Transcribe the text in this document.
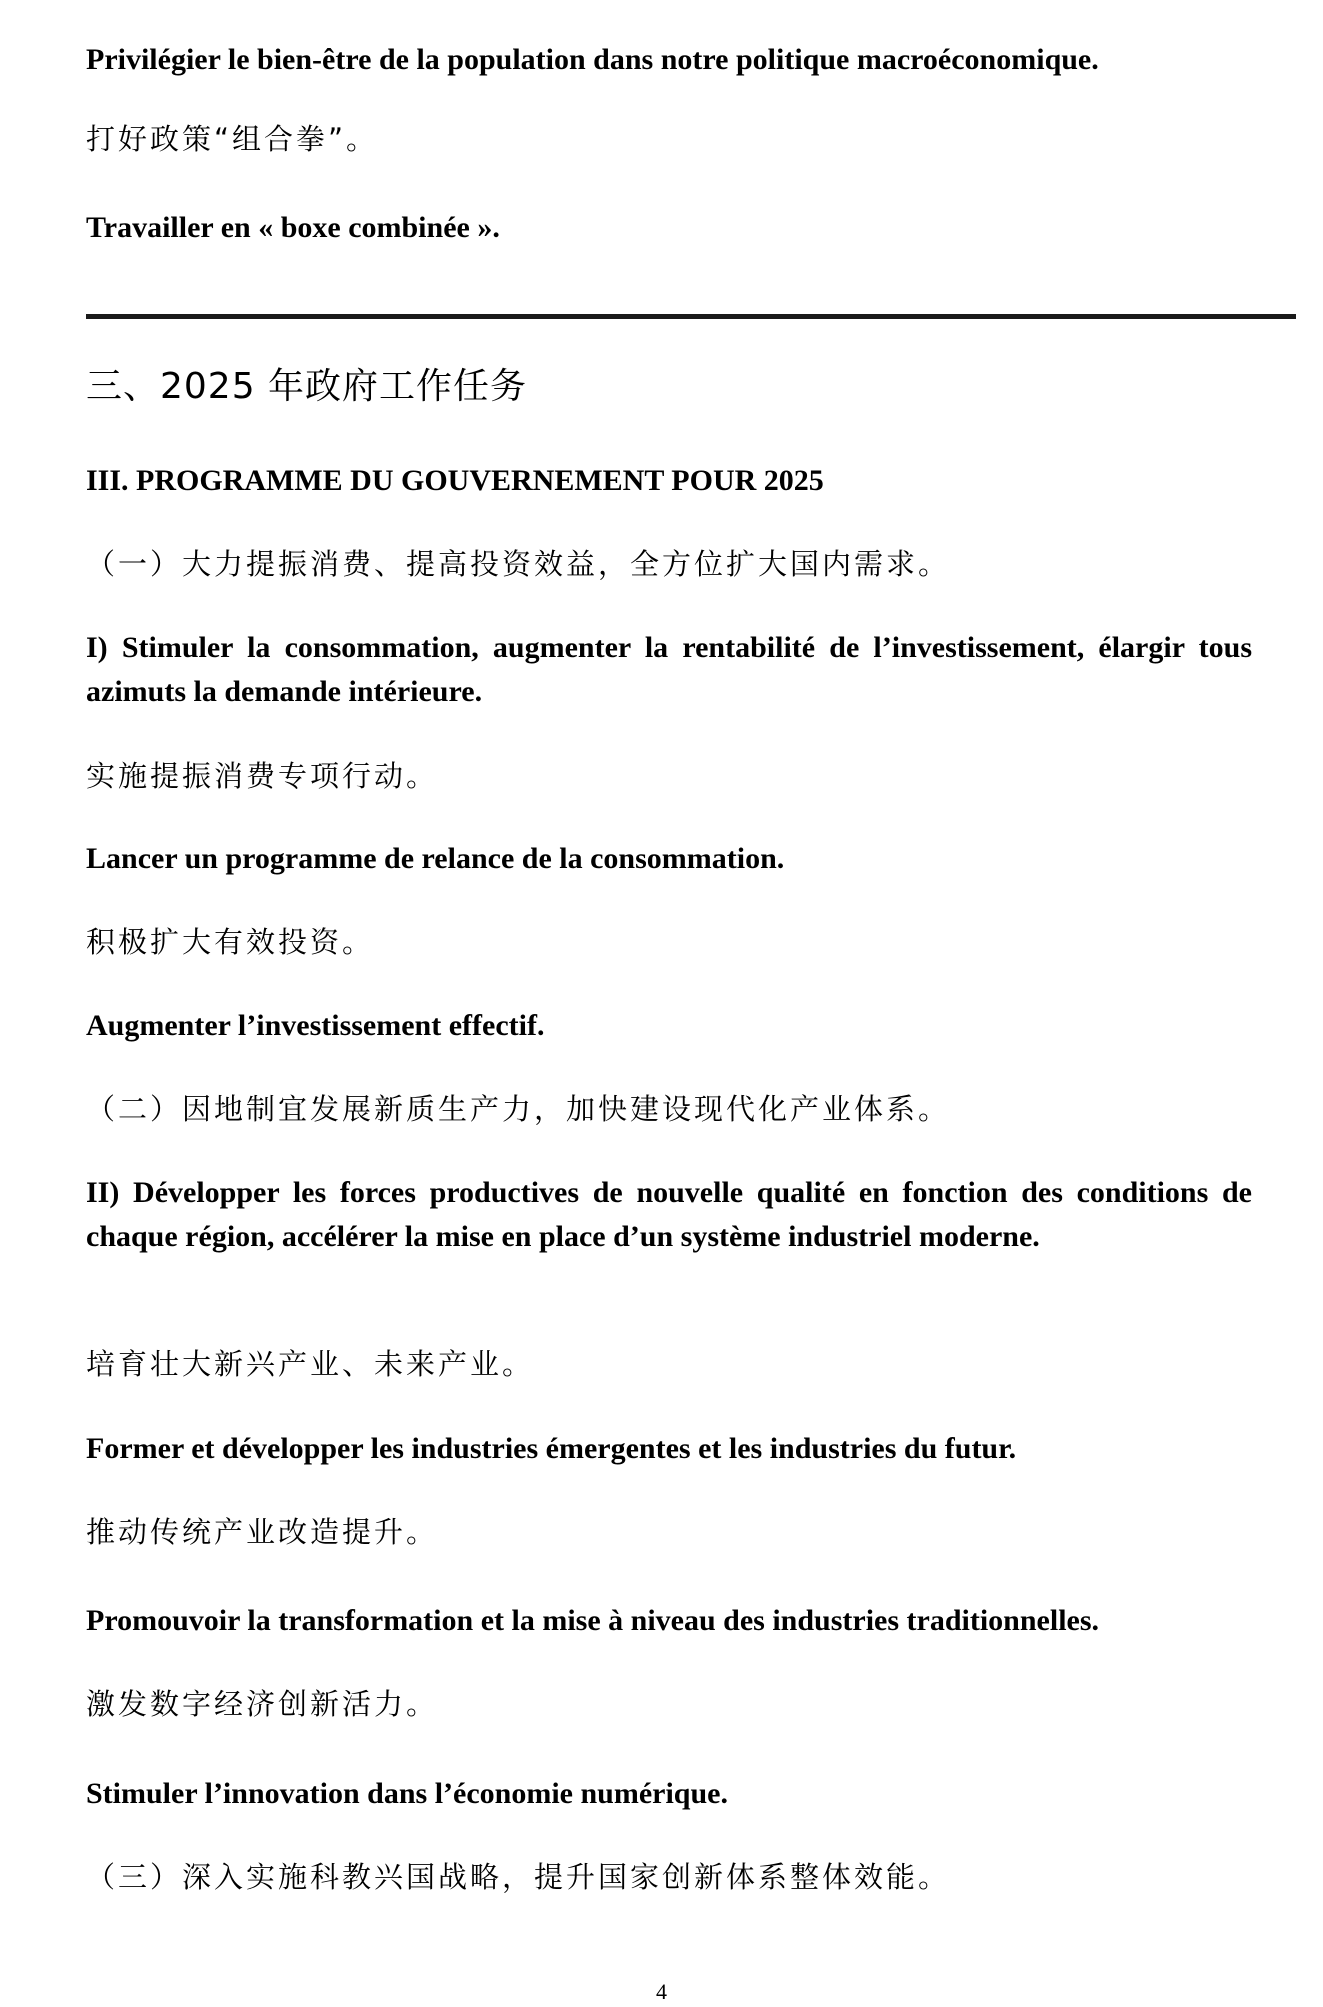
Privilégier le bien-être de la population dans notre politique macroéconomique.

打好政策“组合拳”。

Travailler en « boxe combinée ».

三、2025 年政府工作任务

III. PROGRAMME DU GOUVERNEMENT POUR 2025

（一）大力提振消费、提高投资效益，全方位扩大国内需求。

I) Stimuler la consommation, augmenter la rentabilité de l’investissement, élargir tous azimuts la demande intérieure.

实施提振消费专项行动。

Lancer un programme de relance de la consommation.

积极扩大有效投资。

Augmenter l’investissement effectif.

（二）因地制宜发展新质生产力，加快建设现代化产业体系。

II) Développer les forces productives de nouvelle qualité en fonction des conditions de chaque région, accélérer la mise en place d’un système industriel moderne.

培育壮大新兴产业、未来产业。

Former et développer les industries émergentes et les industries du futur.

推动传统产业改造提升。

Promouvoir la transformation et la mise à niveau des industries traditionnelles.

激发数字经济创新活力。

Stimuler l’innovation dans l’économie numérique.

（三）深入实施科教兴国战略，提升国家创新体系整体效能。

4
